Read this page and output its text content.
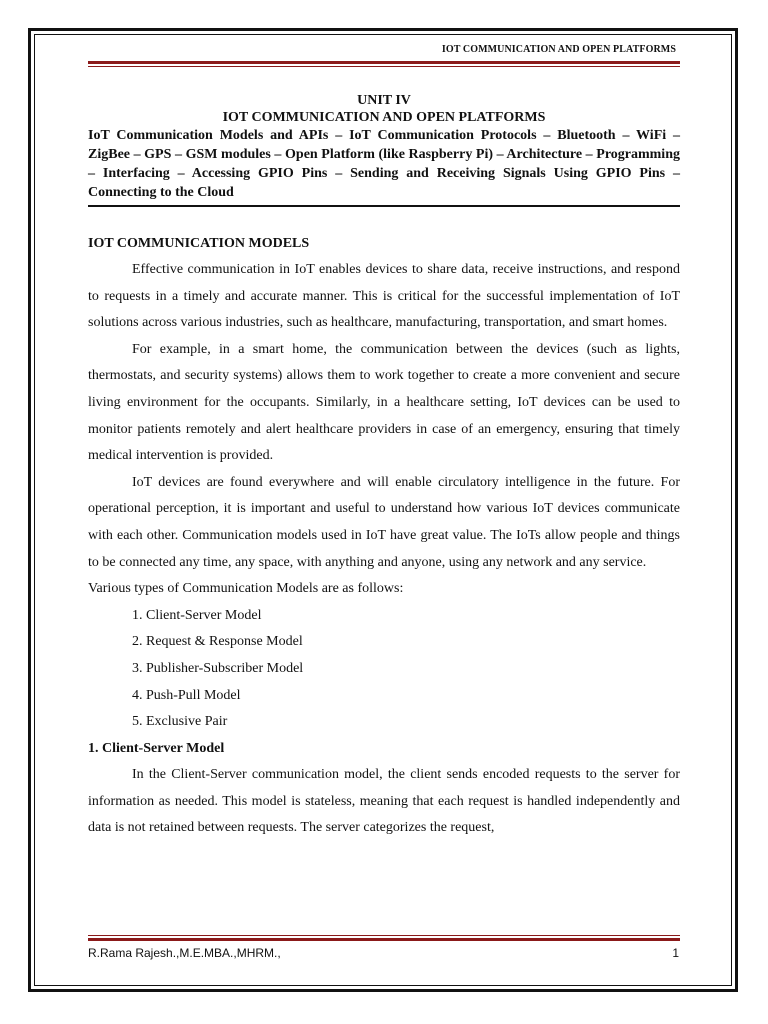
IOT COMMUNICATION AND OPEN PLATFORMS

UNIT IV

IOT COMMUNICATION AND OPEN PLATFORMS

IoT Communication Models and APIs – IoT Communication Protocols – Bluetooth – WiFi – ZigBee – GPS – GSM modules – Open Platform (like Raspberry Pi) – Architecture – Programming – Interfacing – Accessing GPIO Pins – Sending and Receiving Signals Using GPIO Pins – Connecting to the Cloud

IOT COMMUNICATION MODELS

Effective communication in IoT enables devices to share data, receive instructions, and respond to requests in a timely and accurate manner. This is critical for the successful implementation of IoT solutions across various industries, such as healthcare, manufacturing, transportation, and smart homes.

For example, in a smart home, the communication between the devices (such as lights, thermostats, and security systems) allows them to work together to create a more convenient and secure living environment for the occupants. Similarly, in a healthcare setting, IoT devices can be used to monitor patients remotely and alert healthcare providers in case of an emergency, ensuring that timely medical intervention is provided.

IoT devices are found everywhere and will enable circulatory intelligence in the future. For operational perception, it is important and useful to understand how various IoT devices communicate with each other. Communication models used in IoT have great value. The IoTs allow people and things to be connected any time, any space, with anything and anyone, using any network and any service.

Various types of Communication Models are as follows:

1. Client-Server Model
2. Request & Response Model
3. Publisher-Subscriber Model
4. Push-Pull Model
5. Exclusive Pair

1. Client-Server Model

In the Client-Server communication model, the client sends encoded requests to the server for information as needed. This model is stateless, meaning that each request is handled independently and data is not retained between requests. The server categorizes the request,

R.Rama Rajesh.,M.E.MBA.,MHRM.,	1
